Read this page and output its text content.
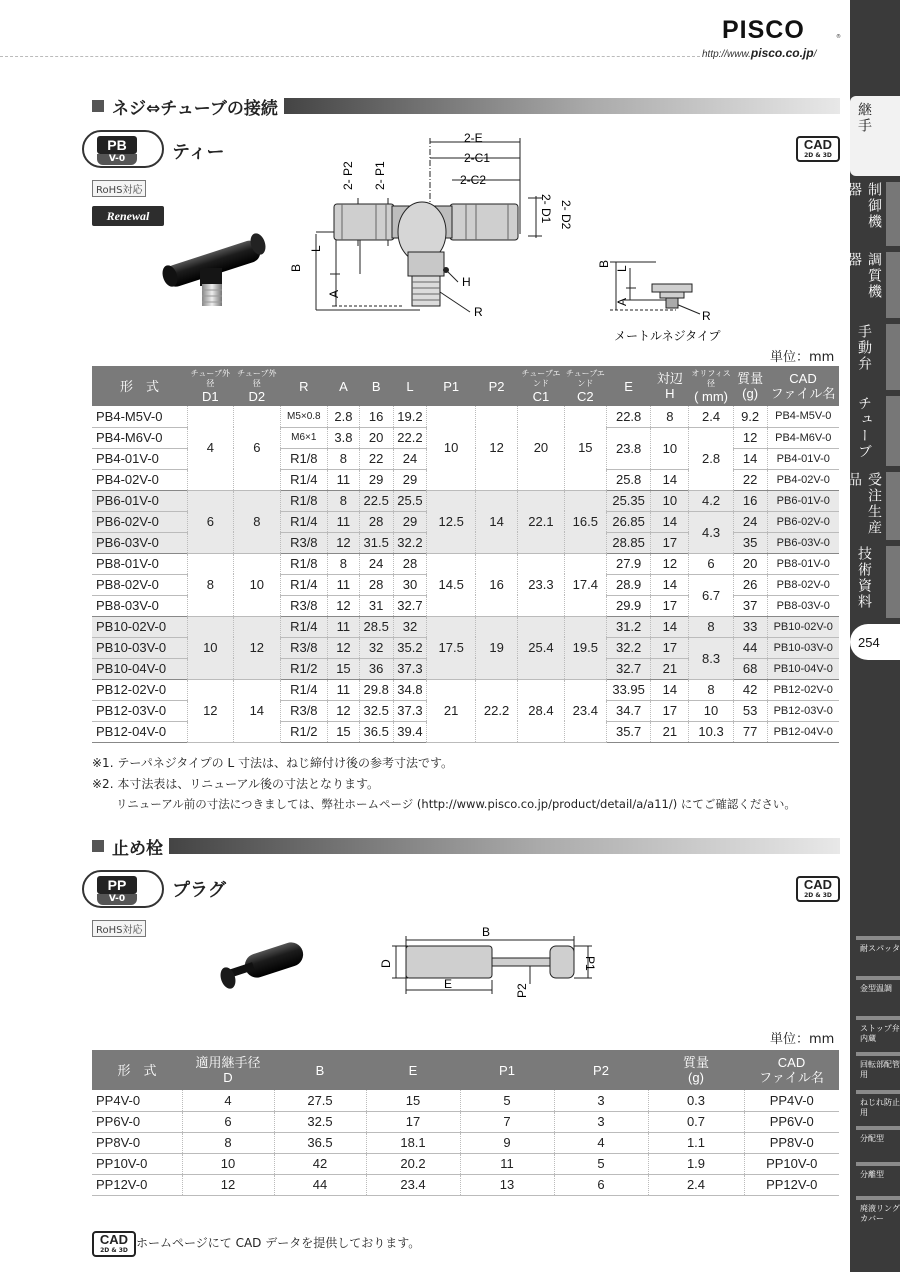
PISCO	®
http://www.pisco.co.jp/
ネジ⇔チューブの接続
PB
V-0	ティー
RoHS対応
Renewal
CAD
2D & 3D
2-E
2-C1
2-C2
2- P2 2- P1
2- D1 2- D2
B
L
A
H
R
B
L
A
R
メートルネジタイプ
単位：mm
形　式	チューブ外径
D1	チューブ外径
D2	R	A	B	L	P1	P2	チューブエンド
C1	チューブエンド
C2	E	対辺
H	オリフィス径
( mm)	質量
(g)	CAD
ファイル名
PB4-M5V-0	4	6	M5×0.8	2.8	16	19.2	10	12	20	15	22.8	8	2.4	9.2	PB4-M5V-0
PB4-M6V-0			M6×1	3.8	20	22.2					23.8	10	2.8	12	PB4-M6V-0
PB4-01V-0			R1/8	8	22	24								14	PB4-01V-0
PB4-02V-0			R1/4	11	29	29					25.8	14		22	PB4-02V-0
PB6-01V-0	6	8	R1/8	8	22.5	25.5	12.5	14	22.1	16.5	25.35	10	4.2	16	PB6-01V-0
PB6-02V-0			R1/4	11	28	29					26.85	14	4.3	24	PB6-02V-0
PB6-03V-0			R3/8	12	31.5	32.2					28.85	17		35	PB6-03V-0
PB8-01V-0	8	10	R1/8	8	24	28	14.5	16	23.3	17.4	27.9	12	6	20	PB8-01V-0
PB8-02V-0			R1/4	11	28	30					28.9	14	6.7	26	PB8-02V-0
PB8-03V-0			R3/8	12	31	32.7					29.9	17		37	PB8-03V-0
PB10-02V-0	10	12	R1/4	11	28.5	32	17.5	19	25.4	19.5	31.2	14	8	33	PB10-02V-0
PB10-03V-0			R3/8	12	32	35.2					32.2	17	8.3	44	PB10-03V-0
PB10-04V-0			R1/2	15	36	37.3					32.7	21		68	PB10-04V-0
PB12-02V-0	12	14	R1/4	11	29.8	34.8	21	22.2	28.4	23.4	33.95	14	8	42	PB12-02V-0
PB12-03V-0			R3/8	12	32.5	37.3					34.7	17	10	53	PB12-03V-0
PB12-04V-0			R1/2	15	36.5	39.4					35.7	21	10.3	77	PB12-04V-0
※1. テーパネジタイプの L 寸法は、ねじ締付け後の参考寸法です。
※2. 本寸法表は、リニューアル後の寸法となります。
リニューアル前の寸法につきましては、弊社ホームページ (http://www.pisco.co.jp/product/detail/a/a11/) にてご確認ください。
止め栓
PP
V-0	プラグ
RoHS対応
CAD
2D & 3D
B
D
E
P1
P2
単位：mm
形　式	適用継手径
D	B	E	P1	P2	質量
(g)	CAD
ファイル名
PP4V-0	4	27.5	15	5	3	0.3	PP4V-0
PP6V-0	6	32.5	17	7	3	0.7	PP6V-0
PP8V-0	8	36.5	18.1	9	4	1.1	PP8V-0
PP10V-0	10	42	20.2	11	5	1.9	PP10V-0
PP12V-0	12	44	23.4	13	6	2.4	PP12V-0
CAD
2D & 3D
ホームページにて CAD データを提供しております。
継手
制御機器
調質機器
手動弁
チューブ
受注生産品
技術資料
254
耐スパッタ
金型温調
ストップ弁内蔵
回転部配管用
ねじれ防止用
分配型
分離型
廃液リングカバー
